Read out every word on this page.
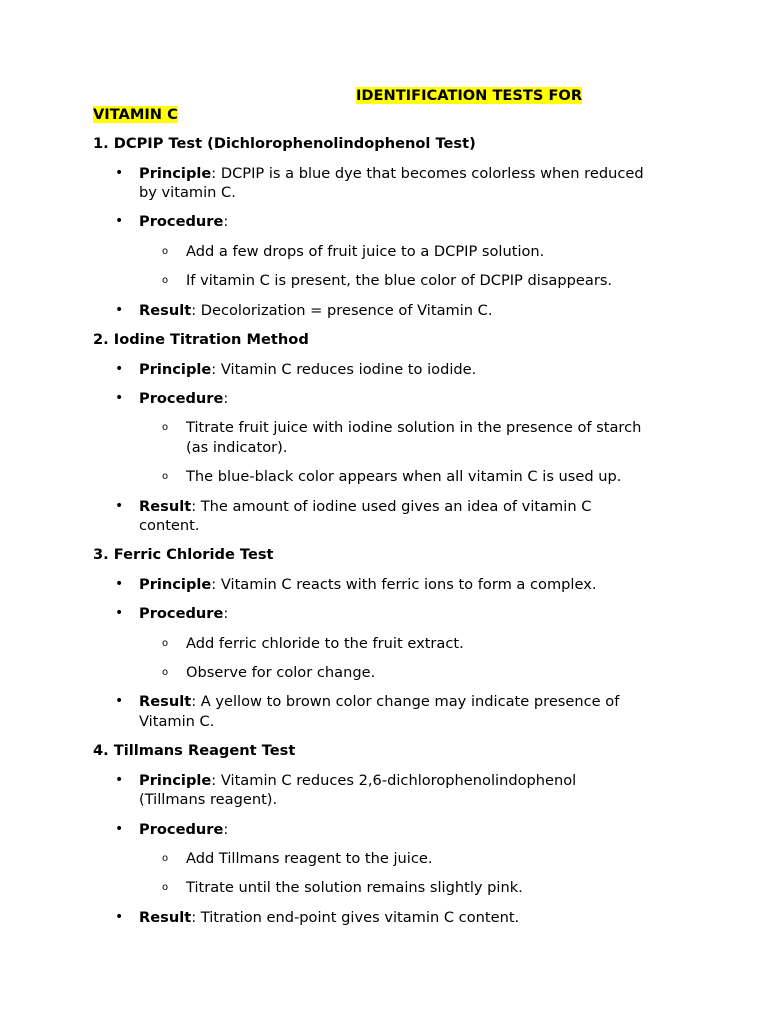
IDENTIFICATION TESTS FOR
VITAMIN C
1. DCPIP Test (Dichlorophenolindophenol Test)
• Principle: DCPIP is a blue dye that becomes colorless when reduced
by vitamin C.
• Procedure:
o Add a few drops of fruit juice to a DCPIP solution.
o If vitamin C is present, the blue color of DCPIP disappears.
• Result: Decolorization = presence of Vitamin C.
2. Iodine Titration Method
• Principle: Vitamin C reduces iodine to iodide.
• Procedure:
o Titrate fruit juice with iodine solution in the presence of starch
(as indicator).
o The blue-black color appears when all vitamin C is used up.
• Result: The amount of iodine used gives an idea of vitamin C
content.
3. Ferric Chloride Test
• Principle: Vitamin C reacts with ferric ions to form a complex.
• Procedure:
o Add ferric chloride to the fruit extract.
o Observe for color change.
• Result: A yellow to brown color change may indicate presence of
Vitamin C.
4. Tillmans Reagent Test
• Principle: Vitamin C reduces 2,6-dichlorophenolindophenol
(Tillmans reagent).
• Procedure:
o Add Tillmans reagent to the juice.
o Titrate until the solution remains slightly pink.
• Result: Titration end-point gives vitamin C content.
